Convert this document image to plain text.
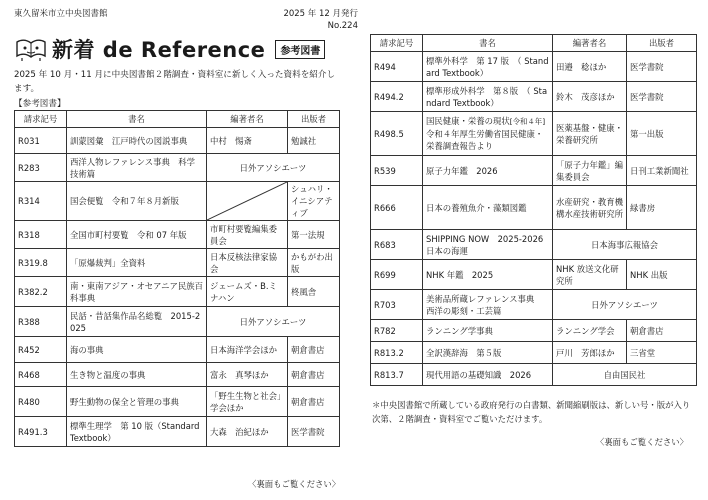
東久留米市立中央図書館	2025 年 12 月発行
No.224
新着 de Reference	参考図書
2025 年 10 月・11 月に中央図書館２階調査・資料室に新しく入った資料を紹介します。
【参考図書】
請求記号	書名	編著者名	出版者
R031	訓蒙図彙　江戸時代の図説事典	中村　惕斎	勉誠社
R283	西洋人物レファレンス事典　科学技術篇	日外アソシエーツ	
R314	国会便覧　令和７年８月新版		シュハリ・イニシアティブ
R318	全国市町村要覧　令和 07 年版	市町村要覧編集委員会	第一法規
R319.8	「原爆裁判」全資料	日本反核法律家協会	かもがわ出版
R382.2	南・東南アジア・オセアニア民族百科事典	ジェームズ・B.ミナハン	柊風舎
R388	民話・昔話集作品名総覧　2015-2025	日外アソシエーツ	
R452	海の事典	日本海洋学会ほか	朝倉書店
R468	生き物と温度の事典	富永　真琴ほか	朝倉書店
R480	野生動物の保全と管理の事典	「野生生物と社会」学会ほか	朝倉書店
R491.3	標準生理学　第 10 版（Standard Textbook）	大森　治紀ほか	医学書院
〈裏面もご覧ください〉
請求記号	書名	編著者名	出版者
R494	標準外科学　第 17 版　（ Standard Textbook）	田邉　稔ほか	医学書院
R494.2	標準形成外科学　第８版　（ Standard Textbook）	鈴木　茂彦ほか	医学書院
R498.5	国民健康・栄養の現状[令和４年]
令和４年厚生労働省国民健康・栄養調査報告より	医薬基盤・健康・栄養研究所	第一出版
R539	原子力年鑑　2026	「原子力年鑑」編集委員会	日刊工業新聞社
R666	日本の養殖魚介・藻類図鑑	水産研究・教育機構水産技術研究所	緑書房
R683	SHIPPING NOW　2025-2026　日本の海運	日本海事広報協会	
R699	NHK 年鑑　2025	NHK 放送文化研究所	NHK 出版
R703	美術品所蔵レファレンス事典　西洋の彫刻・工芸篇	日外アソシエーツ	
R782	ランニング学事典	ランニング学会	朝倉書店
R813.2	全訳漢辞海　第５版	戸川　芳郎ほか	三省堂
R813.7	現代用語の基礎知識　2026	自由国民社	
＊中央図書館で所蔵している政府発行の白書類、新聞縮刷版は、新しい号・版が入り次第、２階調査・資料室でご覧いただけます。
〈裏面もご覧ください〉
